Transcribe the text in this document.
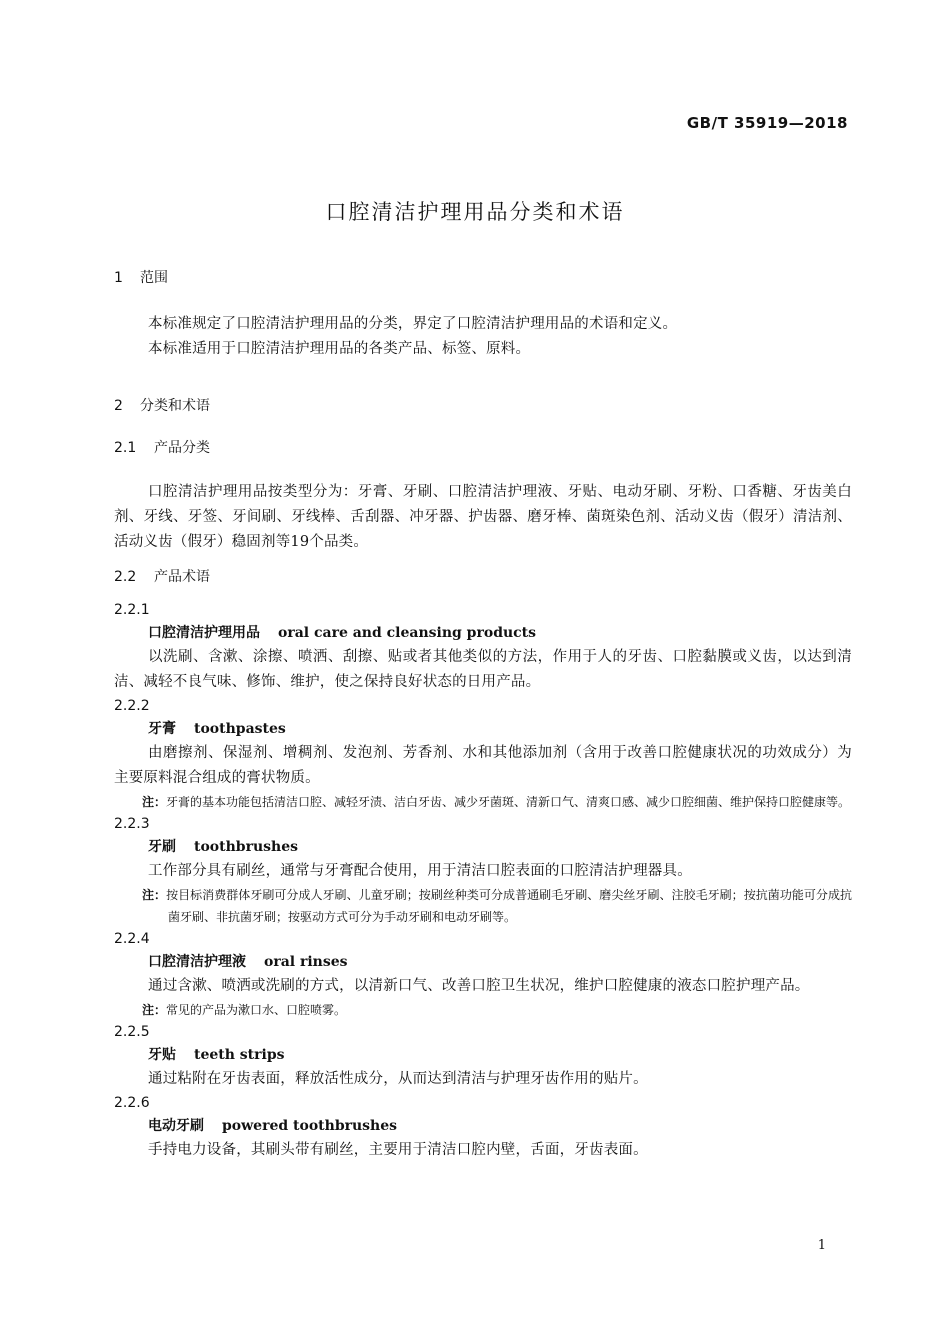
GB/T 35919—2018
口腔清洁护理用品分类和术语
1 范围
本标准规定了口腔清洁护理用品的分类，界定了口腔清洁护理用品的术语和定义。
本标准适用于口腔清洁护理用品的各类产品、标签、原料。
2 分类和术语
2.1 产品分类
口腔清洁护理用品按类型分为：牙膏、牙刷、口腔清洁护理液、牙贴、电动牙刷、牙粉、口香糖、牙齿美白剂、牙线、牙签、牙间刷、牙线棒、舌刮器、冲牙器、护齿器、磨牙棒、菌斑染色剂、活动义齿（假牙）清洁剂、活动义齿（假牙）稳固剂等19个品类。
2.2 产品术语
2.2.1
口腔清洁护理用品 oral care and cleansing products
以洗刷、含漱、涂擦、喷洒、刮擦、贴或者其他类似的方法，作用于人的牙齿、口腔黏膜或义齿，以达到清洁、减轻不良气味、修饰、维护，使之保持良好状态的日用产品。
2.2.2
牙膏 toothpastes
由磨擦剂、保湿剂、增稠剂、发泡剂、芳香剂、水和其他添加剂（含用于改善口腔健康状况的功效成分）为主要原料混合组成的膏状物质。
注：牙膏的基本功能包括清洁口腔、减轻牙渍、洁白牙齿、减少牙菌斑、清新口气、清爽口感、减少口腔细菌、维护保持口腔健康等。
2.2.3
牙刷 toothbrushes
工作部分具有刷丝，通常与牙膏配合使用，用于清洁口腔表面的口腔清洁护理器具。
注：按目标消费群体牙刷可分成人牙刷、儿童牙刷；按刷丝种类可分成普通刷毛牙刷、磨尖丝牙刷、注胶毛牙刷；按抗菌功能可分成抗菌牙刷、非抗菌牙刷；按驱动方式可分为手动牙刷和电动牙刷等。
2.2.4
口腔清洁护理液 oral rinses
通过含漱、喷洒或洗刷的方式，以清新口气、改善口腔卫生状况，维护口腔健康的液态口腔护理产品。
注：常见的产品为漱口水、口腔喷雾。
2.2.5
牙贴 teeth strips
通过粘附在牙齿表面，释放活性成分，从而达到清洁与护理牙齿作用的贴片。
2.2.6
电动牙刷 powered toothbrushes
手持电力设备，其刷头带有刷丝，主要用于清洁口腔内壁，舌面，牙齿表面。
1
